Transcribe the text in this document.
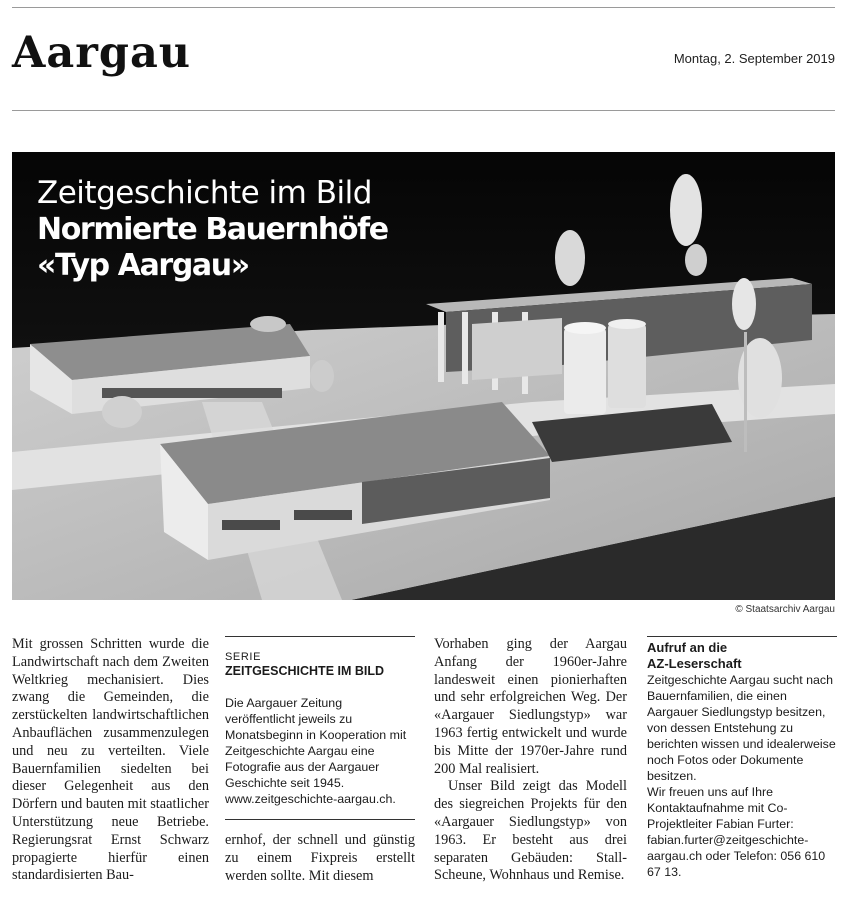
Aargau	Montag, 2. September 2019
Zeitgeschichte im Bild
Normierte Bauernhöfe
«Typ Aargau»
© Staatsarchiv Aargau

Mit grossen Schritten wurde die Landwirtschaft nach dem Zweiten Weltkrieg mechanisiert. Dies zwang die Gemeinden, die zerstückelten landwirtschaftlichen Anbauflächen zusammenzulegen und neu zu verteilten. Viele Bauernfamilien siedelten bei dieser Gelegenheit aus den Dörfern und bauten mit staatlicher Unterstützung neue Betriebe. Regierungsrat Ernst Schwarz propagierte hierfür einen standardisierten Bau-

SERIE
ZEITGESCHICHTE IM BILD
Die Aargauer Zeitung veröffentlicht jeweils zu Monatsbeginn in Kooperation mit Zeitgeschichte Aargau eine Fotografie aus der Aargauer Geschichte seit 1945. www.zeitgeschichte-aargau.ch.

ernhof, der schnell und günstig zu einem Fixpreis erstellt werden sollte. Mit diesem

Vorhaben ging der Aargau Anfang der 1960er-Jahre landesweit einen pionierhaften und sehr erfolgreichen Weg. Der «Aargauer Siedlungstyp» war 1963 fertig entwickelt und wurde bis Mitte der 1970er-Jahre rund 200 Mal realisiert.

Unser Bild zeigt das Modell des siegreichen Projekts für den «Aargauer Siedlungstyp» von 1963. Er besteht aus drei separaten Gebäuden: Stall-Scheune, Wohnhaus und Remise.

Aufruf an die
AZ-Leserschaft
Zeitgeschichte Aargau sucht nach Bauernfamilien, die einen Aargauer Siedlungstyp besitzen, von dessen Entstehung zu berichten wissen und idealerweise noch Fotos oder Dokumente besitzen.
Wir freuen uns auf Ihre Kontaktaufnahme mit Co-Projektleiter Fabian Furter: fabian.furter@zeitgeschichte-aargau.ch oder Telefon: 056 610 67 13.
